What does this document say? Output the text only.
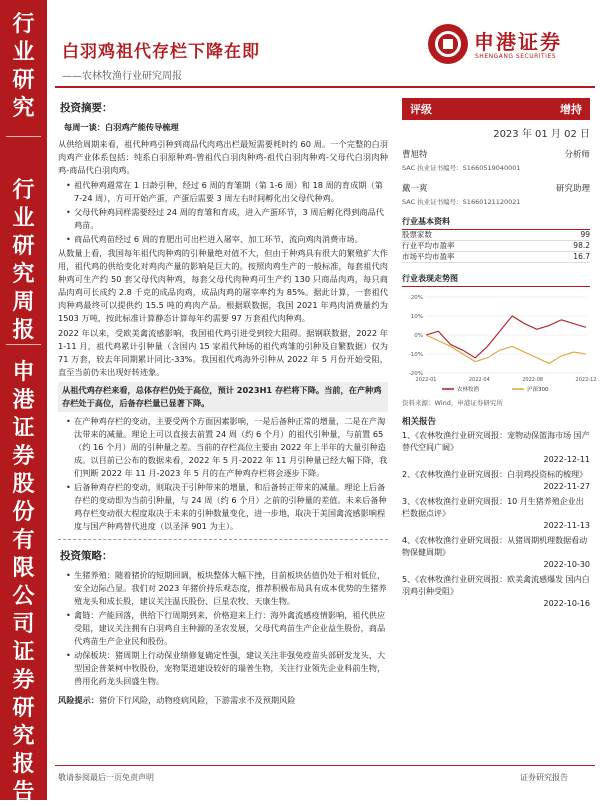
行
业
研
究
行
业
研
究
周
报
申
港
证
券
股
份
有
限
公
司
证
券
研
究
报
告
白羽鸡祖代存栏下降在即
——农林牧渔行业研究周报
申港证券
SHENGANG SECURITIES
投资摘要：
每周一谈：白羽鸡产能传导梳理

从供给周期来看，祖代种鸡引种到商品代肉鸡出栏最短需要耗时约 60 周。一个完整的白羽肉鸡产业体系包括：纯系白羽原种鸡-曾祖代白羽肉种鸡-祖代白羽肉种鸡-父母代白羽肉种鸡-商品代白羽肉鸡。

• 祖代种鸡週常在 1 日龄引种，经过 6 周的育雏期（第 1-6 周）和 18 周的育成期（第 7-24 周），方可开始产蛋，产蛋后需要 3 周左右时间孵化出父母代种鸡。
• 父母代种鸡同样需要经过 24 周的育雏和育成，进入产蛋环节，3 周后孵化得到商品代鸡苗。
• 商品代鸡苗经过 6 周的育肥出可出栏进入屠宰、加工环节，流向鸡肉消费市场。

从数量上看，我国每年祖代肉种鸡的引种量绝对值不大，但由于种鸡具有很大的繁殖扩大作用，祖代鸡的供给变化对鸡肉产量的影响是巨大的。按照肉鸡生产的一般标准，每套祖代肉种鸡可生产约 50 套父母代肉种鸡，每套父母代肉种鸡可生产约 130 只商品肉鸡，每只商品肉鸡可长成约 2.8 千克的成品肉鸡，成品肉鸡的屠宰率约为 85%。据此计算，一套祖代肉种鸡最终可以提供约 15.5 吨的鸡肉产品。根据联数据，我国 2021 年鸡肉消费量约为 1503 万吨，按此标准计算静态计算每年约需要 97 万套祖代肉种鸡。

2022 年以来，受欧美禽流感影响，我国祖代鸡引进受到较大阻碍。据钢联数据，2022 年 1-11 月，祖代鸡累计引种量（含国内 15 家祖代种场的祖代鸡雏的引种及自繁数据）仅为 71 万套，较去年同期累计同比-33%。我国祖代鸡海外引种从 2022 年 5 月份开始受阻，直至当前仍未出现好转迹象。

从祖代鸡存栏来看，总体存栏仍处于高位，预计 2023H1 存栏将下降。当前，在产种鸡存栏处于高位，后备存栏量已显著下降。
• 在产种鸡存栏的变动，主要受两个方面因素影响，一是后备种正常的增量，二是在产淘汰带来的减量。理论上可以直接去前置 24 周（约 6 个月）的祖代引种量，与前置 65（约 16 个月）周的引种量之差。当前的存栏高位主要由 2022 年上半年的大量引种造成。以目前已公布的数据来看，2022 年 5 月-2022 年 11 月引种量已经大幅下降，我们判断 2022 年 11 月-2023 年 5 月的在产种鸡存栏将会逐步下降。
• 后备种鸡存栏的变动，则取决于引种带来的增量，和后备转正带来的减量。理论上后备存栏的变动即为当前引种量，与 24 周（约 6 个月）之前的引种量的差值。未来后备种鸡存栏变动很大程度取决于未来的引种数量变化，进一步地，取决于美国禽流感影响程度与国产种鸡替代进度（以圣泽 901 为主）。
投资策略：
• 生猪养殖：随着猪价的短期回调，板块整体大幅下挫，目前板块估值仍处于相对低位，安全边际凸显。我们对 2023 年猪价持乐观态度，推荐积极布局具有成本优势的生猪养殖龙头和成长股，建议关注温氏股份、巨星农牧、天康生物。
• 禽链：产能回落，供给下行周期到来，价格迎来上行：海外禽流感疫情影响，祖代供应受阻，建议关注拥有白羽鸡自主种源的圣农发展，父母代鸡苗生产企业益生股份，商品代鸡苗生产企业民和股份。
• 动保板块：猪周期上行动保业绩修复确定性强，建议关注非强免疫苗头部研发龙头、大型国企普莱柯中牧股份，宠物渠道建设较好的瑞普生物，关注行业领先企业科前生物，兽用化药龙头回盛生物。

风险提示：猪价下行风险，动物疫病风险，下游需求不及预期风险

评级	增持
2023 年 01 月 02 日
曹旭特	分析师
SAC 执业证书编号：S1660519040001
戴一爽	研究助理
SAC 执业证书编号：S1660121120021
行业基本资料
股票家数	99
行业平均市盈率	98.2
市场平均市盈率	16.7
行业表现走势图
20%
10%
0%
-10%
-20%
2022-01	2022-04	2022-08	2022-12
农林牧渔	沪深300
资料来源：Wind，申港证券研究所
相关报告
1、《农林牧渔行业研究周报：宠物动保篮海市场 国产替代空间广阔》

2022-12-11

2、《农林牧渔行业研究周报：白羽鸡投资标的梳理》

2022-11-27

3、《农林牧渔行业研究周报：10 月生猪养殖企业出栏数据点评》

2022-11-13

4、《农林牧渔行业研究周报：从猪周期机理数据看动物保健周期》

2022-10-30

5、《农林牧渔行业研究周报：欧美禽流感爆发 国内白羽鸡引种受阻》

2022-10-16

敬请参阅最后一页免责声明	证券研究报告
